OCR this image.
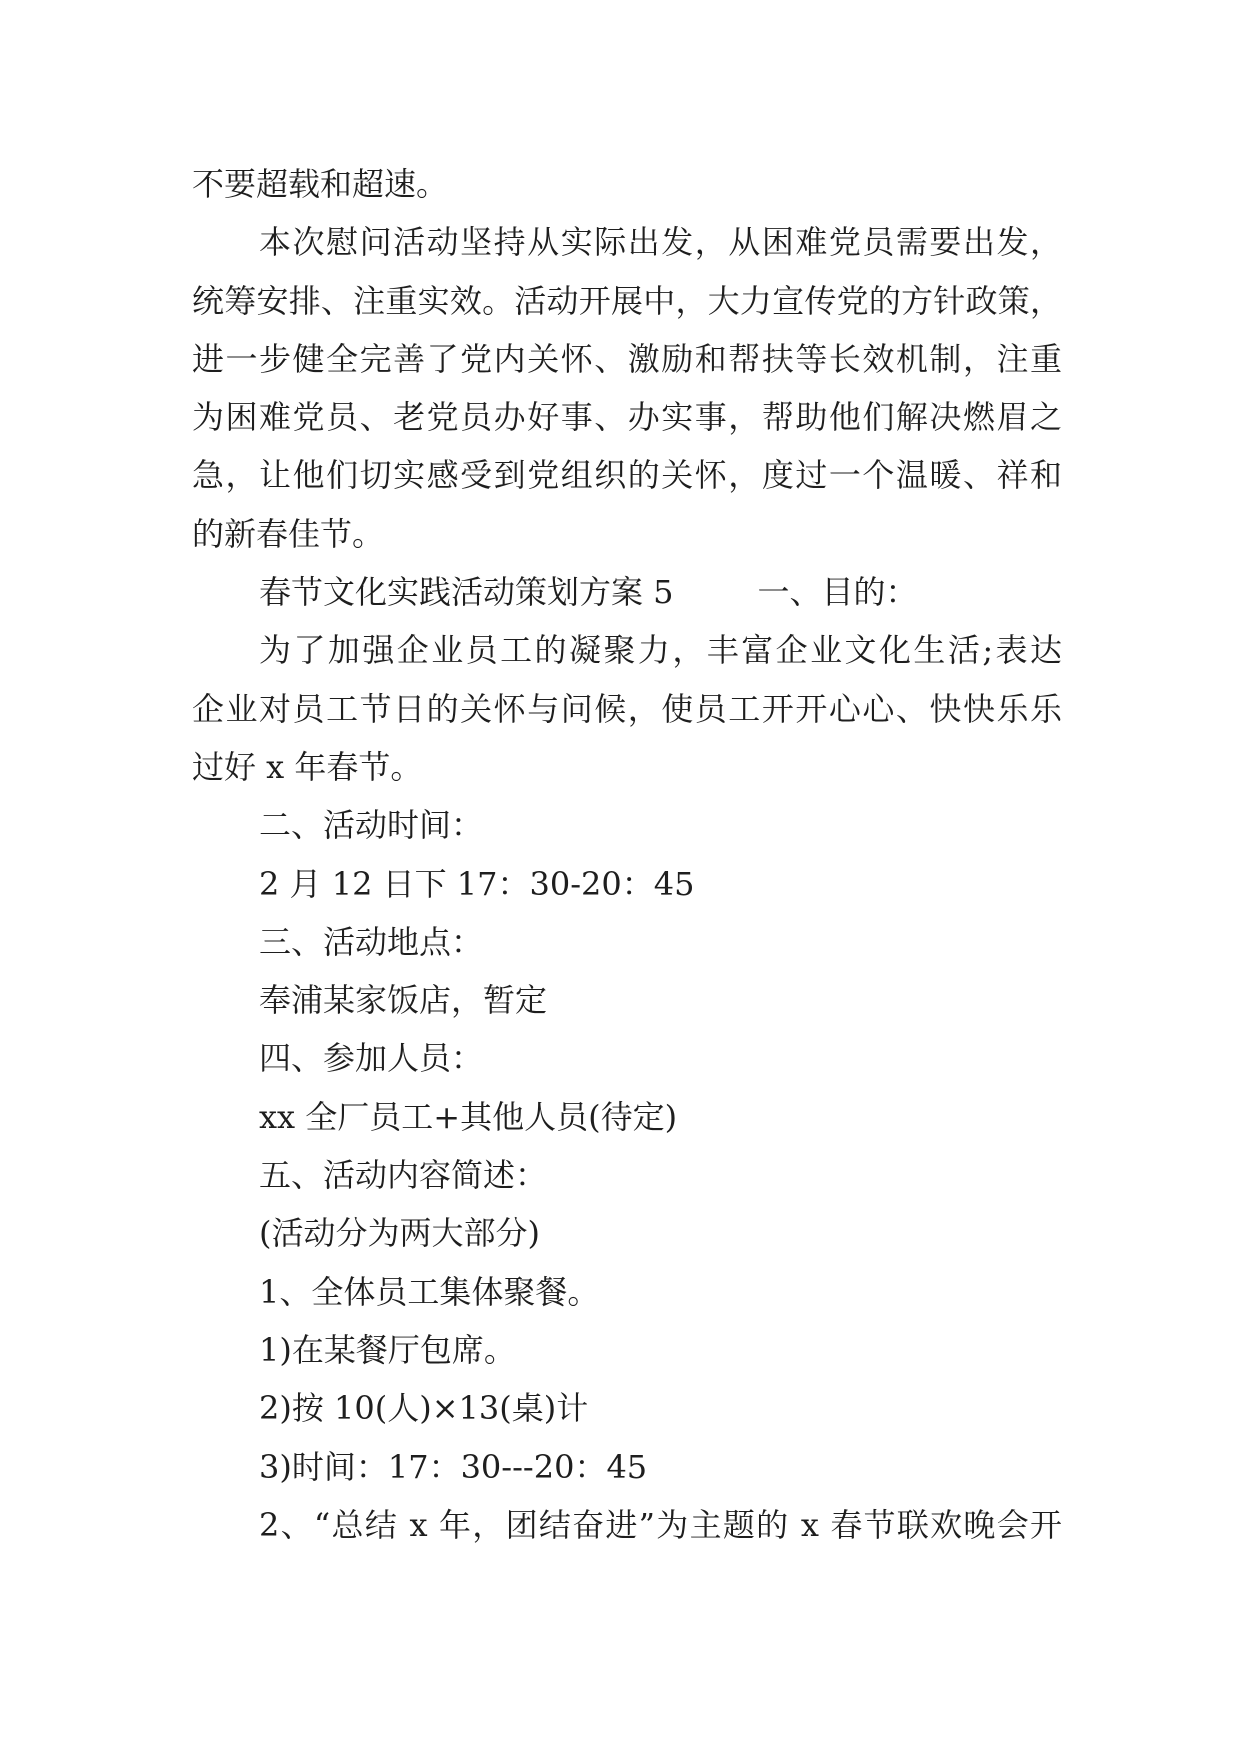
不要超载和超速。
本次慰问活动坚持从实际出发，从困难党员需要出发，
统筹安排、注重实效。活动开展中，大力宣传党的方针政策，
进一步健全完善了党内关怀、激励和帮扶等长效机制，注重
为困难党员、老党员办好事、办实事，帮助他们解决燃眉之
急，让他们切实感受到党组织的关怀，度过一个温暖、祥和
的新春佳节。
春节文化实践活动策划方案 5	一、目的：
为了加强企业员工的凝聚力，丰富企业文化生活;表达
企业对员工节日的关怀与问候，使员工开开心心、快快乐乐
过好 x 年春节。
二、活动时间：
2 月 12 日下 17：30-20：45
三、活动地点：
奉浦某家饭店，暂定
四、参加人员：
xx 全厂员工+其他人员(待定)
五、活动内容简述：
(活动分为两大部分)
1、全体员工集体聚餐。
1)在某餐厅包席。
2)按 10(人)×13(桌)计
3)时间：17：30---20：45
2、“总结 x 年，团结奋进”为主题的 x 春节联欢晚会开
